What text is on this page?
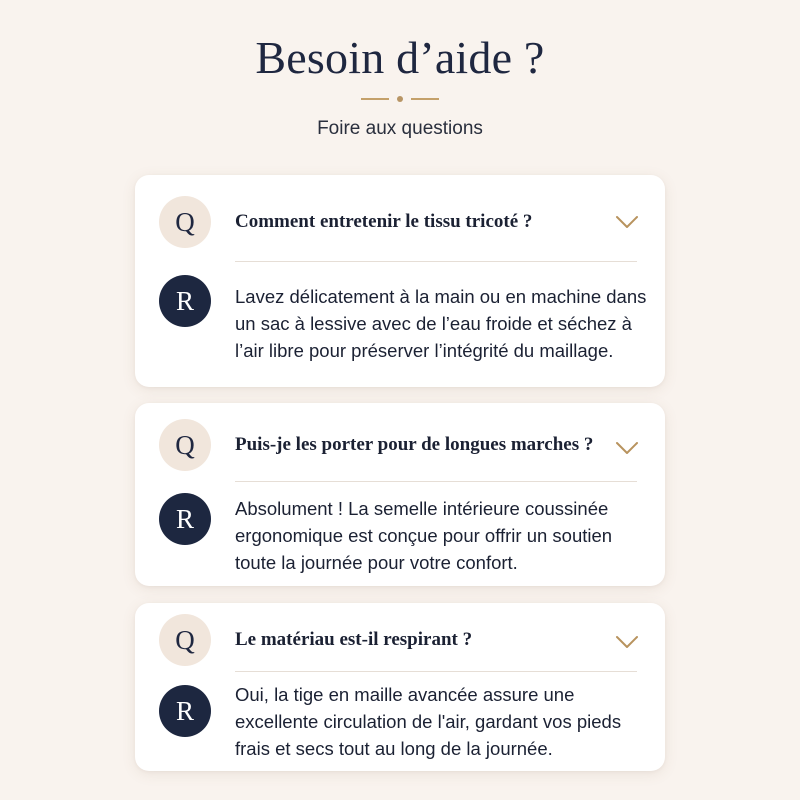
Besoin d’aide ?
Foire aux questions
Q	Comment entretenir le tissu tricoté ?
R	Lavez délicatement à la main ou en machine dans un sac à lessive avec de l’eau froide et séchez à l’air libre pour préserver l’intégrité du maillage.
Q	Puis-je les porter pour de longues marches ?
R	Absolument ! La semelle intérieure coussinée ergonomique est conçue pour offrir un soutien toute la journée pour votre confort.
Q	Le matériau est-il respirant ?
R
Oui, la tige en maille avancée assure une excellente circulation de l'air, gardant vos pieds frais et secs tout au long de la journée.
